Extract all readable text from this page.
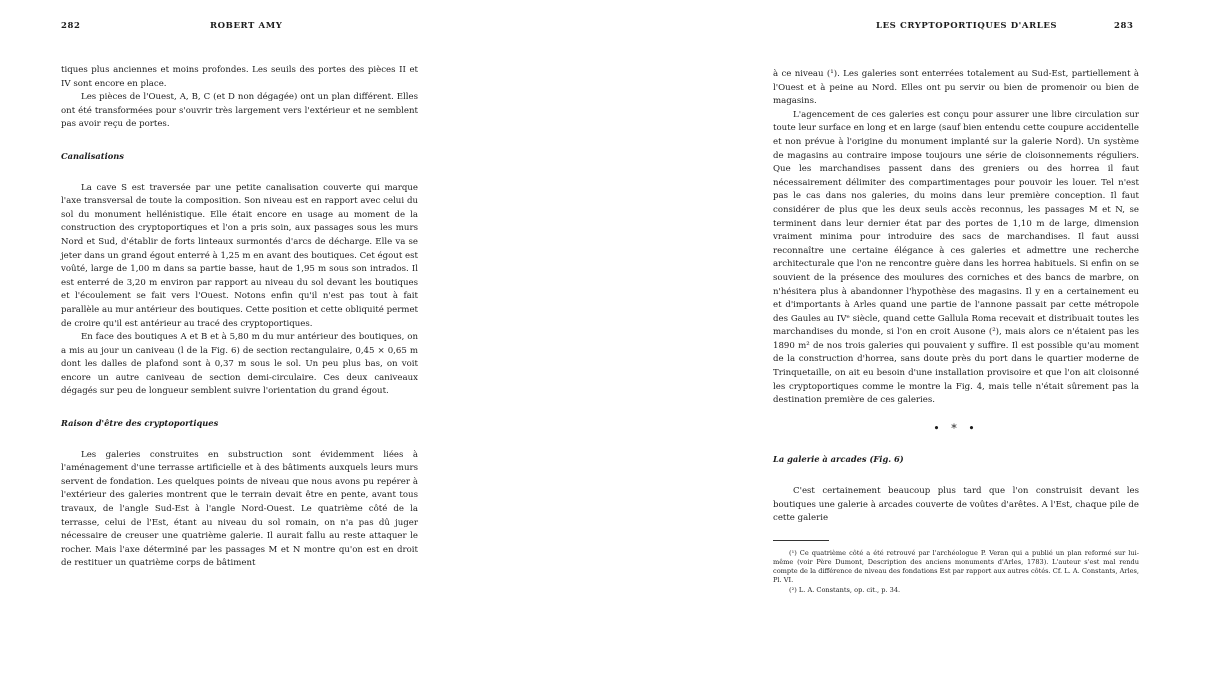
282	ROBERT AMY

tiques plus anciennes et moins profondes. Les seuils des portes des pièces II et IV sont encore en place.

Les pièces de l'Ouest, A, B, C (et D non dégagée) ont un plan différent. Elles ont été transformées pour s'ouvrir très largement vers l'extérieur et ne semblent pas avoir reçu de portes.

Canalisations

La cave S est traversée par une petite canalisation couverte qui marque l'axe transversal de toute la composition. Son niveau est en rapport avec celui du sol du monument hellénistique. Elle était encore en usage au moment de la construction des cryptoportiques et l'on a pris soin, aux passages sous les murs Nord et Sud, d'établir de forts linteaux surmontés d'arcs de décharge. Elle va se jeter dans un grand égout enterré à 1,25 m en avant des boutiques. Cet égout est voûté, large de 1,00 m dans sa partie basse, haut de 1,95 m sous son intrados. Il est enterré de 3,20 m environ par rapport au niveau du sol devant les boutiques et l'écoulement se fait vers l'Ouest. Notons enfin qu'il n'est pas tout à fait parallèle au mur antérieur des boutiques. Cette position et cette obliquité permet de croire qu'il est antérieur au tracé des cryptoportiques.

En face des boutiques A et B et à 5,80 m du mur antérieur des boutiques, on a mis au jour un caniveau (l de la Fig. 6) de section rectangulaire, 0,45 × 0,65 m dont les dalles de plafond sont à 0,37 m sous le sol. Un peu plus bas, on voit encore un autre caniveau de section demi-circulaire. Ces deux caniveaux dégagés sur peu de longueur semblent suivre l'orientation du grand égout.

Raison d'être des cryptoportiques

Les galeries construites en substruction sont évidemment liées à l'aménagement d'une terrasse artificielle et à des bâtiments auxquels leurs murs servent de fondation. Les quelques points de niveau que nous avons pu repérer à l'extérieur des galeries montrent que le terrain devait être en pente, avant tous travaux, de l'angle Sud-Est à l'angle Nord-Ouest. Le quatrième côté de la terrasse, celui de l'Est, étant au niveau du sol romain, on n'a pas dû juger nécessaire de creuser une quatrième galerie. Il aurait fallu au reste attaquer le rocher. Mais l'axe déterminé par les passages M et N montre qu'on est en droit de restituer un quatrième corps de bâtiment

LES CRYPTOPORTIQUES D'ARLES	283

à ce niveau (¹). Les galeries sont enterrées totalement au Sud-Est, partiellement à l'Ouest et à peine au Nord. Elles ont pu servir ou bien de promenoir ou bien de magasins.

L'agencement de ces galeries est conçu pour assurer une libre circulation sur toute leur surface en long et en large (sauf bien entendu cette coupure accidentelle et non prévue à l'origine du monument implanté sur la galerie Nord). Un système de magasins au contraire impose toujours une série de cloisonnements réguliers. Que les marchandises passent dans des greniers ou des horrea il faut nécessairement délimiter des compartimentages pour pouvoir les louer. Tel n'est pas le cas dans nos galeries, du moins dans leur première conception. Il faut considérer de plus que les deux seuls accès reconnus, les passages M et N, se terminent dans leur dernier état par des portes de 1,10 m de large, dimension vraiment minima pour introduire des sacs de marchandises. Il faut aussi reconnaître une certaine élégance à ces galeries et admettre une recherche architecturale que l'on ne rencontre guère dans les horrea habituels. Si enfin on se souvient de la présence des moulures des corniches et des bancs de marbre, on n'hésitera plus à abandonner l'hypothèse des magasins. Il y en a certainement eu et d'importants à Arles quand une partie de l'annone passait par cette métropole des Gaules au IVᵉ siècle, quand cette Gallula Roma recevait et distribuait toutes les marchandises du monde, si l'on en croit Ausone (²), mais alors ce n'étaient pas les 1890 m² de nos trois galeries qui pouvaient y suffire. Il est possible qu'au moment de la construction d'horrea, sans doute près du port dans le quartier moderne de Trinquetaille, on ait eu besoin d'une installation provisoire et que l'on ait cloisonné les cryptoportiques comme le montre la Fig. 4, mais telle n'était sûrement pas la destination première de ces galeries.

• * •
La galerie à arcades (Fig. 6)

C'est certainement beaucoup plus tard que l'on construisit devant les boutiques une galerie à arcades couverte de voûtes d'arêtes. A l'Est, chaque pile de cette galerie

(¹) Ce quatrième côté a été retrouvé par l'archéologue P. Veran qui a publié un plan reformé sur lui-même (voir Père Dumont, Description des anciens monuments d'Arles, 1783). L'auteur s'est mal rendu compte de la différence de niveau des fondations Est par rapport aux autres côtés. Cf. L. A. Constants, Arles, Pl. VI.

(²) L. A. Constants, op. cit., p. 34.
